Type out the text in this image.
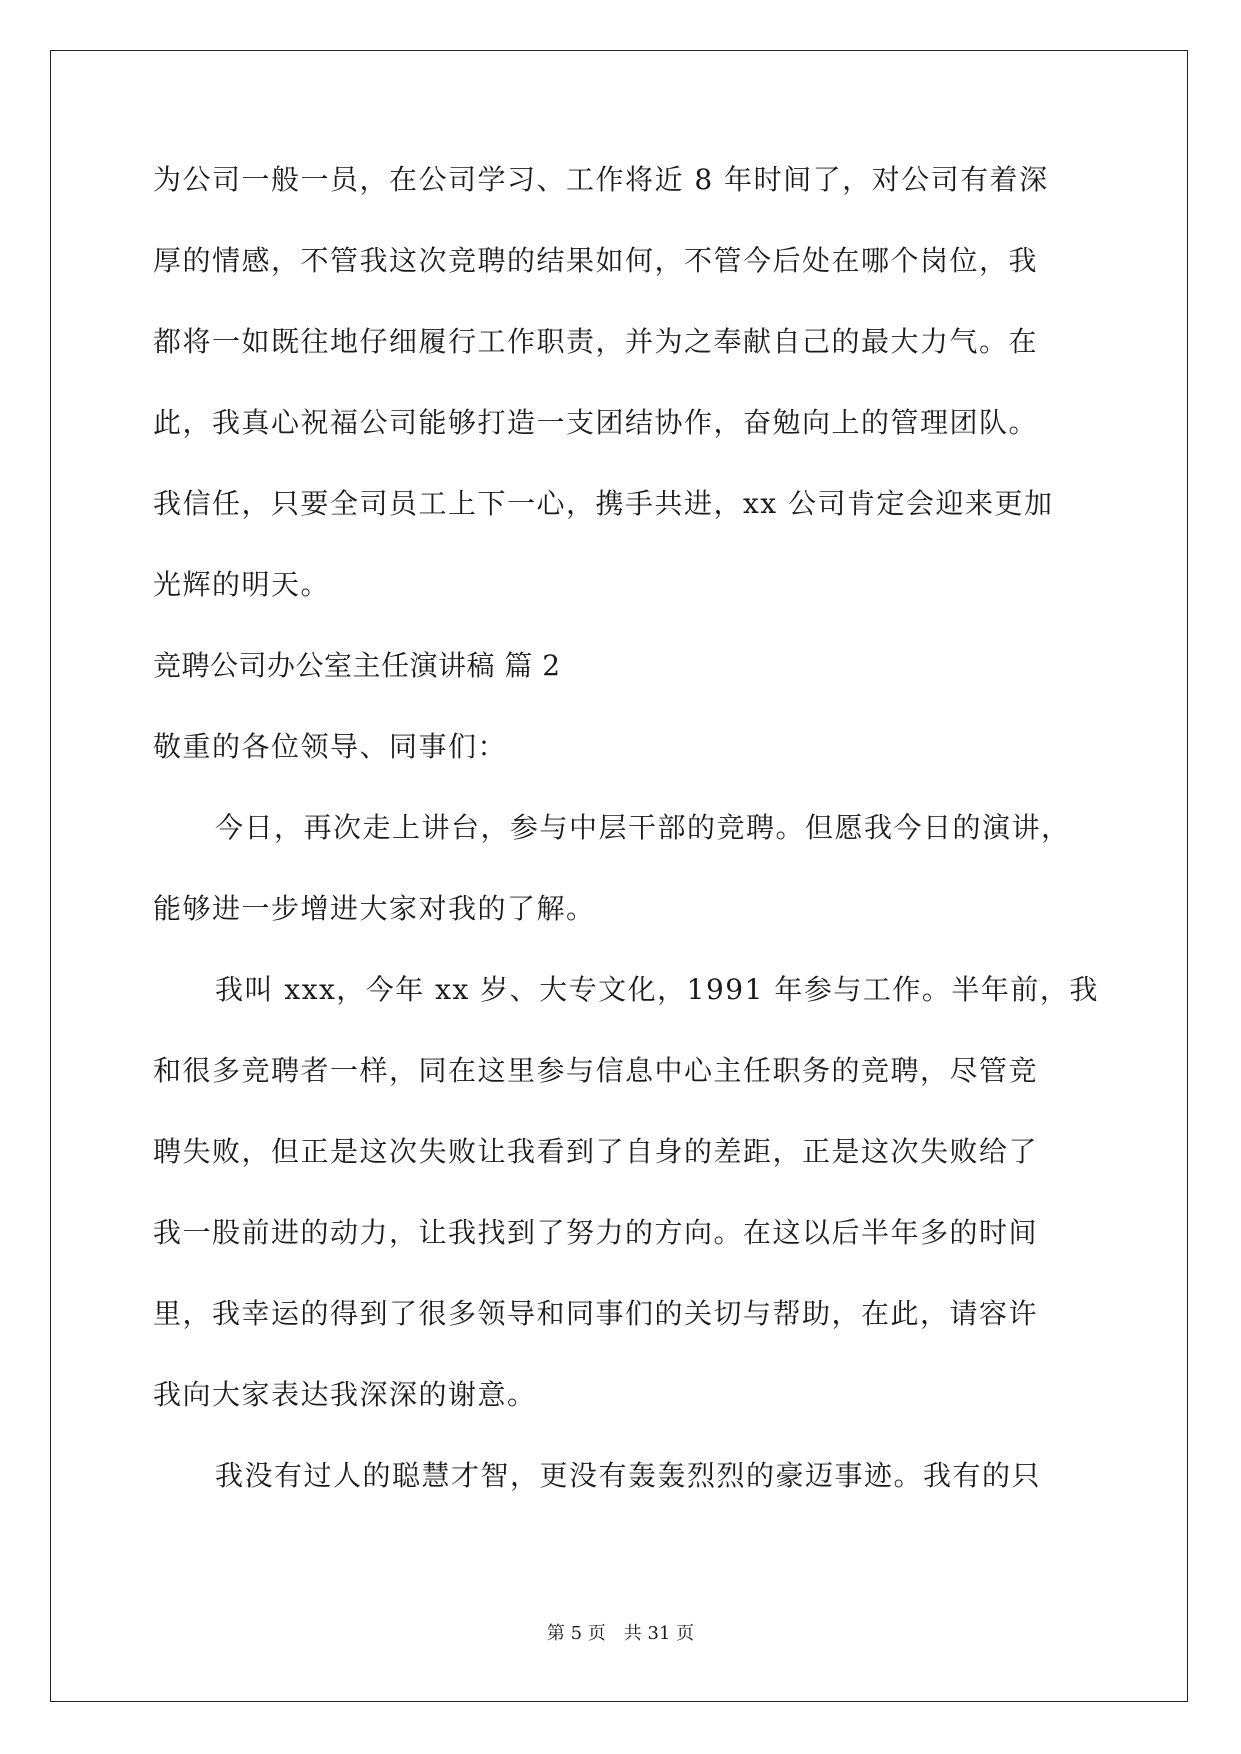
为公司一般一员，在公司学习、工作将近 8 年时间了，对公司有着深
厚的情感，不管我这次竞聘的结果如何，不管今后处在哪个岗位，我
都将一如既往地仔细履行工作职责，并为之奉献自己的最大力气。在
此，我真心祝福公司能够打造一支团结协作，奋勉向上的管理团队。
我信任，只要全司员工上下一心，携手共进，xx 公司肯定会迎来更加
光辉的明天。
竞聘公司办公室主任演讲稿 篇 2
敬重的各位领导、同事们：
今日，再次走上讲台，参与中层干部的竞聘。但愿我今日的演讲，
能够进一步增进大家对我的了解。
我叫 xxx，今年 xx 岁、大专文化，1991 年参与工作。半年前，我
和很多竞聘者一样，同在这里参与信息中心主任职务的竞聘，尽管竞
聘失败，但正是这次失败让我看到了自身的差距，正是这次失败给了
我一股前进的动力，让我找到了努力的方向。在这以后半年多的时间
里，我幸运的得到了很多领导和同事们的关切与帮助，在此，请容许
我向大家表达我深深的谢意。
我没有过人的聪慧才智，更没有轰轰烈烈的豪迈事迹。我有的只
第 5 页　共 31 页
